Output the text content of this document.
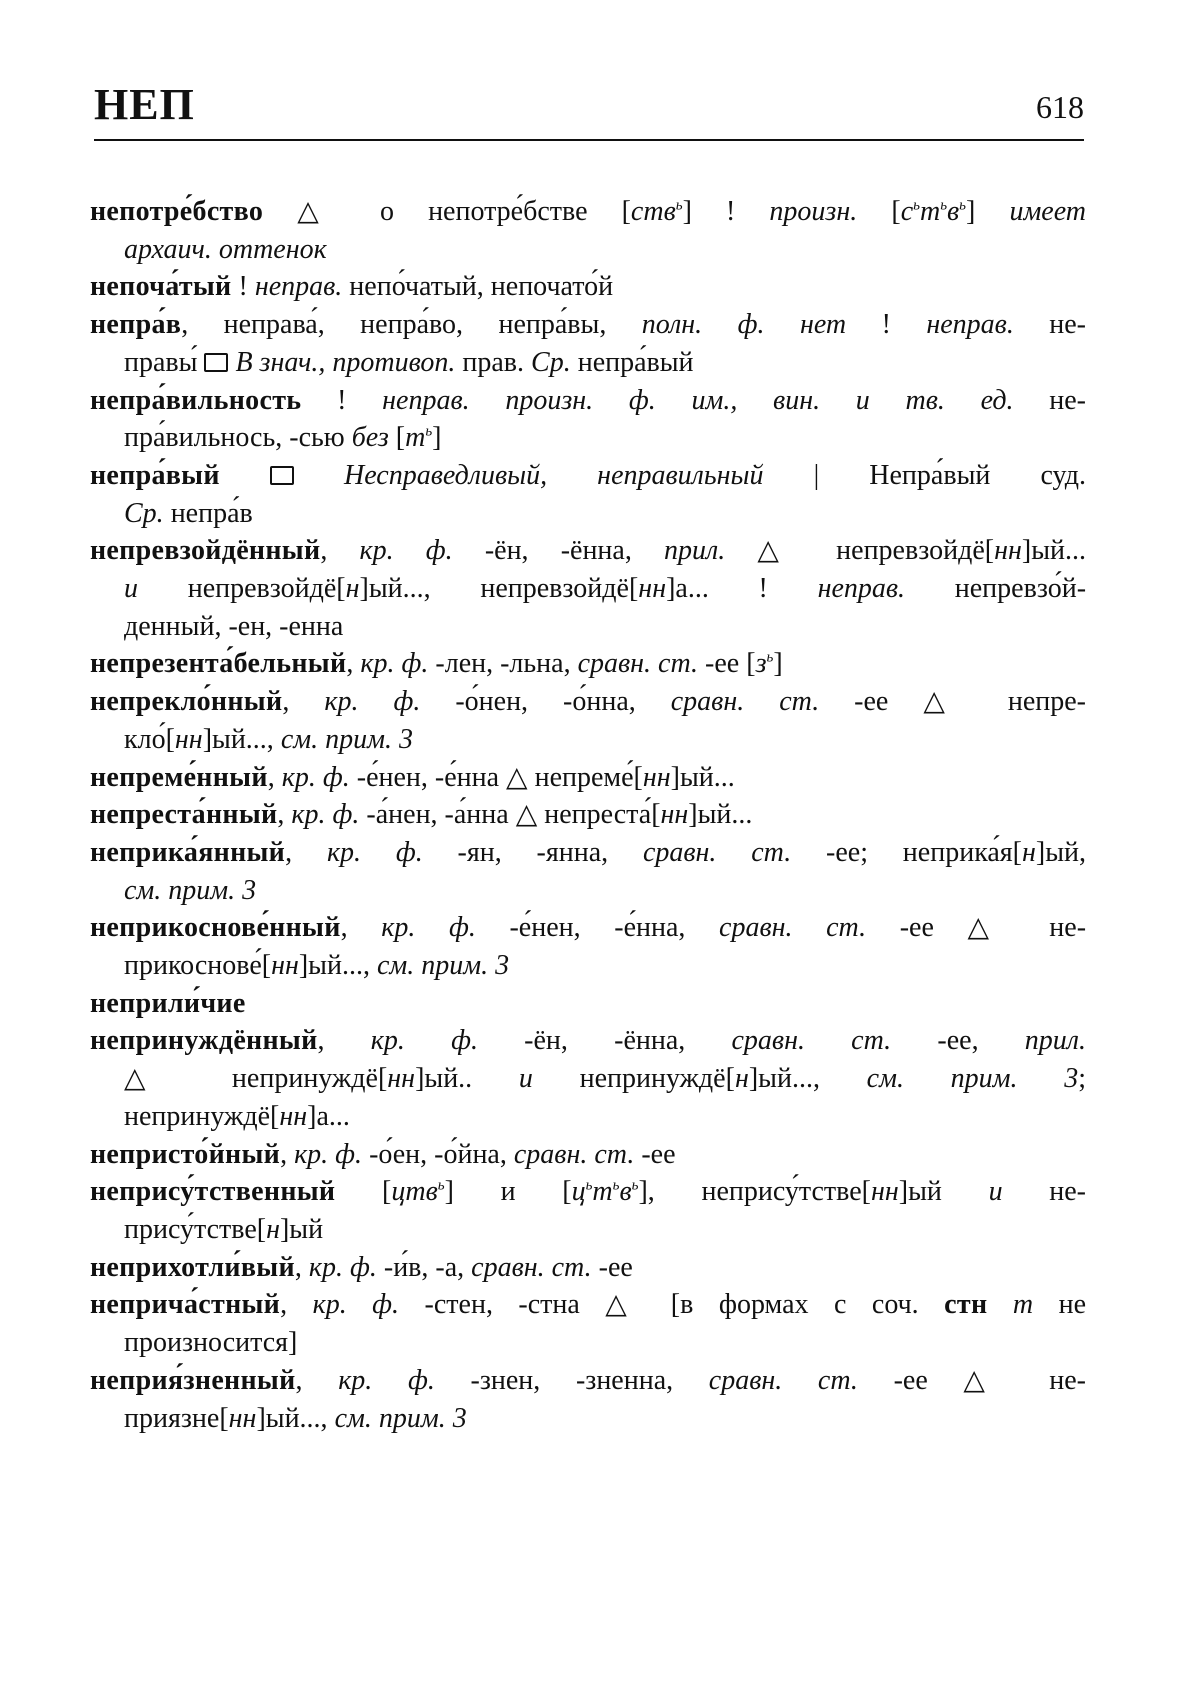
НЕП	618
непотре́бство △ о непотре́бстве [ств$^ь$] ! произн. $[с^ьт^ьв^ь]$ имеет
архаич. оттенок
непоча́тый ! неправ. непо́чатый, непочато́й
непра́в, неправа́, непра́во, непра́вы, полн. ф. нет ! неправ. не-
правы́  В знач., противоп. прав. Ср. непра́вый
непра́вильность ! неправ. произн. ф. им., вин. и тв. ед. не-
пра́вильнось, -сью без $[т^ь]$
непра́вый	Несправедливый, неправильный | Непра́вый суд.
Ср. непра́в
непревзойдённый, кр. ф. -ён, -ённа, прил. △ непревзойдё[нн]ый...
и непревзойдё[н]ый..., непревзойдё[нн]а... ! неправ. непревзо́й-
денный, -ен, -енна
непрезента́бельный, кр. ф. -лен, -льна, сравн. ст. -ее $[з^ь]$
непрекло́нный, кр. ф. -о́нен, -о́нна, сравн. ст. -ее △ непре-
кло́[нн]ый..., см. прим. 3
непреме́нный, кр. ф. -е́нен, -е́нна △ непреме́[нн]ый...
непреста́нный, кр. ф. -а́нен, -а́нна △ непреста́[нн]ый...
неприка́янный, кр. ф. -ян, -янна, сравн. ст. -ее; неприка́я[н]ый,
см. прим. 3
неприкоснове́нный, кр. ф. -е́нен, -е́нна, сравн. ст. -ее △ не-
прикоснове́[нн]ый..., см. прим. 3
неприли́чие
непринуждённый, кр. ф. -ён, -ённа, сравн. ст. -ее, прил.
△ непринуждё[нн]ый.. и непринуждё[н]ый..., см. прим. 3;
непринуждё[нн]а...
непристо́йный, кр. ф. -о́ен, -о́йна, сравн. ст. -ее
непрису́тственный [цтв$^ь$] и $[ц^ьт^ьв^ь]$, непрису́тстве[нн]ый и не-
прису́тстве[н]ый
неприхотли́вый, кр. ф. -и́в, -а, сравн. ст. -ее
неприча́стный, кр. ф. -стен, -стна △ [в формах с соч. стн т не
произносится]
неприя́зненный, кр. ф. -знен, -зненна, сравн. ст. -ее △ не-
приязне[нн]ый..., см. прим. 3
